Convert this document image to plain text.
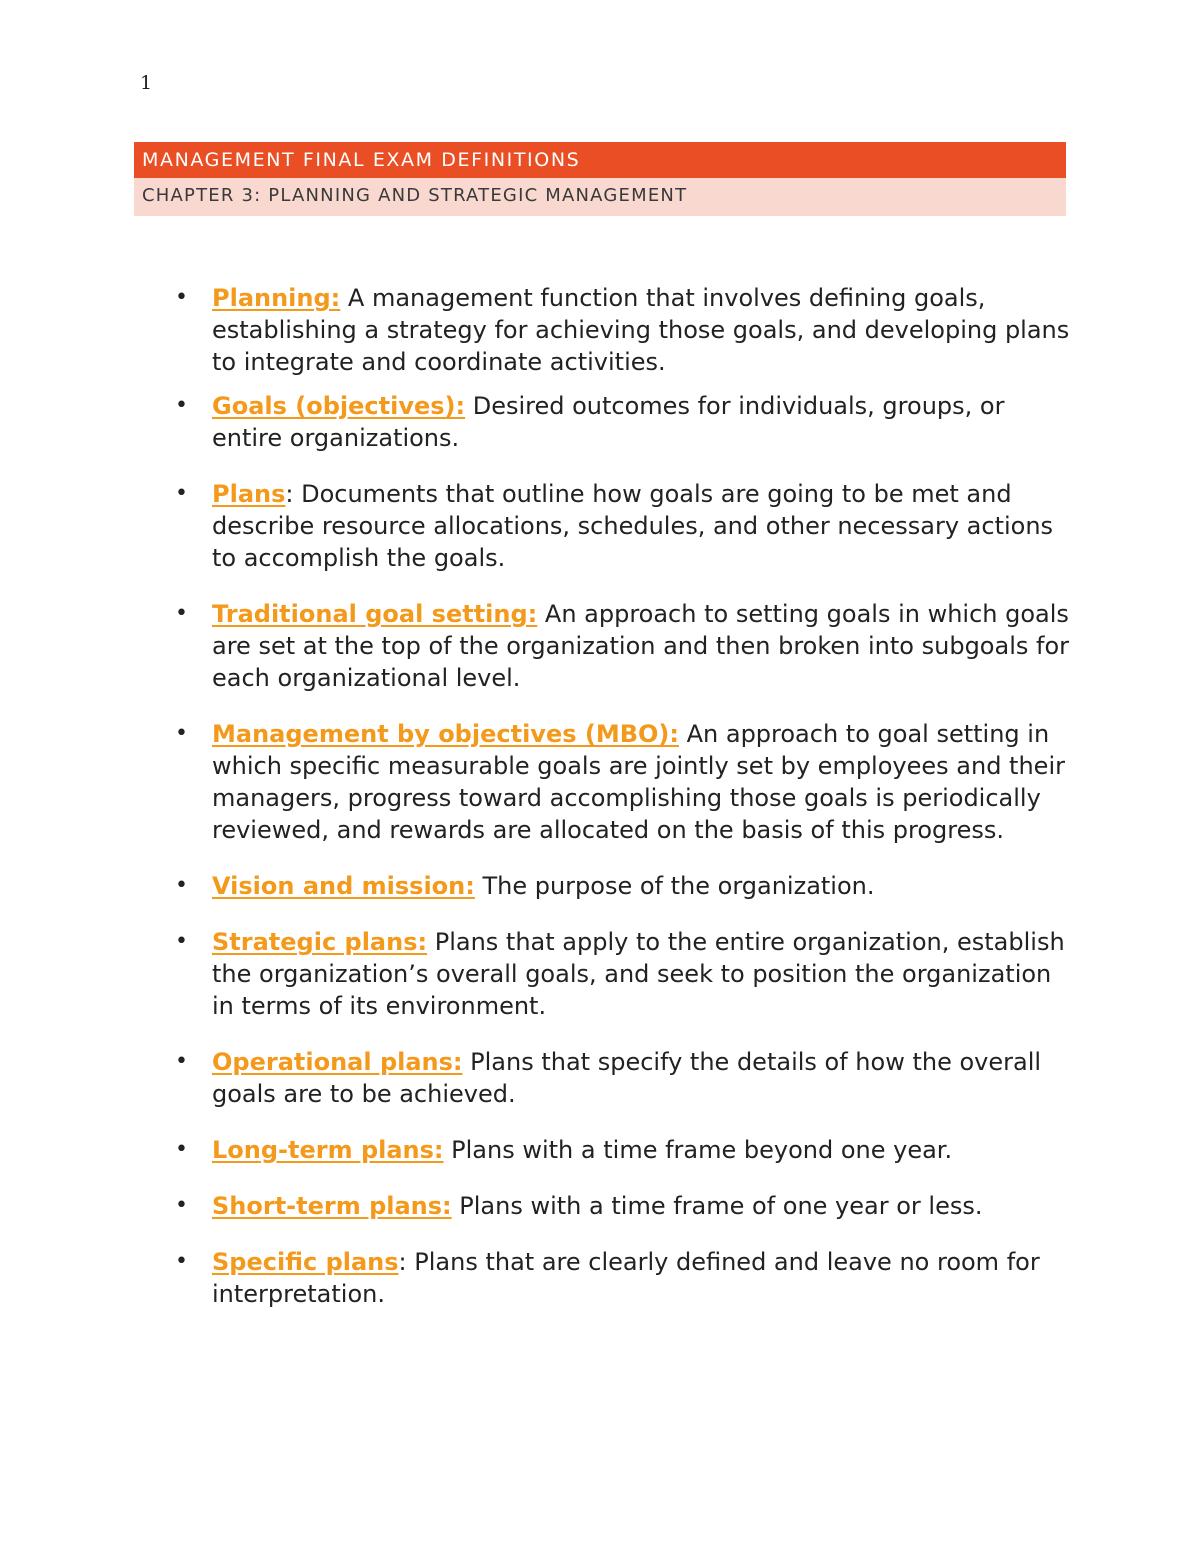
1
MANAGEMENT FINAL EXAM DEFINITIONS
CHAPTER 3: PLANNING AND STRATEGIC MANAGEMENT
• Planning: A management function that involves defining goals, establishing a strategy for achieving those goals, and developing plans to integrate and coordinate activities.
• Goals (objectives): Desired outcomes for individuals, groups, or entire organizations.
• Plans: Documents that outline how goals are going to be met and describe resource allocations, schedules, and other necessary actions to accomplish the goals.
• Traditional goal setting: An approach to setting goals in which goals are set at the top of the organization and then broken into subgoals for each organizational level.
• Management by objectives (MBO): An approach to goal setting in which specific measurable goals are jointly set by employees and their managers, progress toward accomplishing those goals is periodically reviewed, and rewards are allocated on the basis of this progress.
• Vision and mission: The purpose of the organization.
• Strategic plans: Plans that apply to the entire organization, establish the organization’s overall goals, and seek to position the organization in terms of its environment.
• Operational plans: Plans that specify the details of how the overall goals are to be achieved.
• Long-term plans: Plans with a time frame beyond one year.
• Short-term plans: Plans with a time frame of one year or less.
• Specific plans: Plans that are clearly defined and leave no room for interpretation.
